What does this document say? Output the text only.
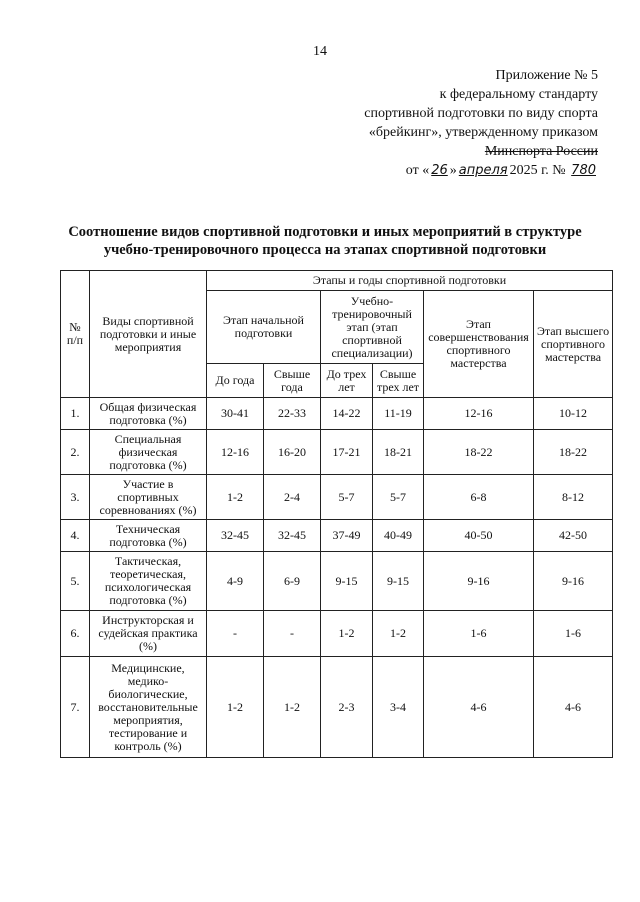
14
Приложение № 5
к федеральному стандарту
спортивной подготовки по виду спорта
«брейкинг», утвержденному приказом
Минспорта России
от « 26 » апреля 2025 г. № 780
Соотношение видов спортивной подготовки и иных мероприятий в структуре
учебно-тренировочного процесса на этапах спортивной подготовки
№ п/п	Виды спортивной подготовки и иные мероприятия	Этапы и годы спортивной подготовки					
		Этап начальной подготовки		Учебно-тренировочный этап (этап спортивной специализации)		Этап совершенствования спортивного мастерства	Этап высшего спортивного мастерства
		До года	Свыше года	До трех лет	Свыше трех лет		

1.	Общая физическая подготовка (%)	30-41	22-33	14-22	11-19	12-16	10-12
2.	Специальная физическая подготовка (%)	12-16	16-20	17-21	18-21	18-22	18-22
3.	Участие в спортивных соревнованиях (%)	1-2	2-4	5-7	5-7	6-8	8-12
4.	Техническая подготовка (%)	32-45	32-45	37-49	40-49	40-50	42-50
5.	Тактическая, теоретическая, психологическая подготовка (%)	4-9	6-9	9-15	9-15	9-16	9-16
6.	Инструкторская и судейская практика (%)	-	-	1-2	1-2	1-6	1-6
7.	Медицинские, медико-биологические, восстановительные мероприятия, тестирование и контроль (%)	1-2	1-2	2-3	3-4	4-6	4-6
